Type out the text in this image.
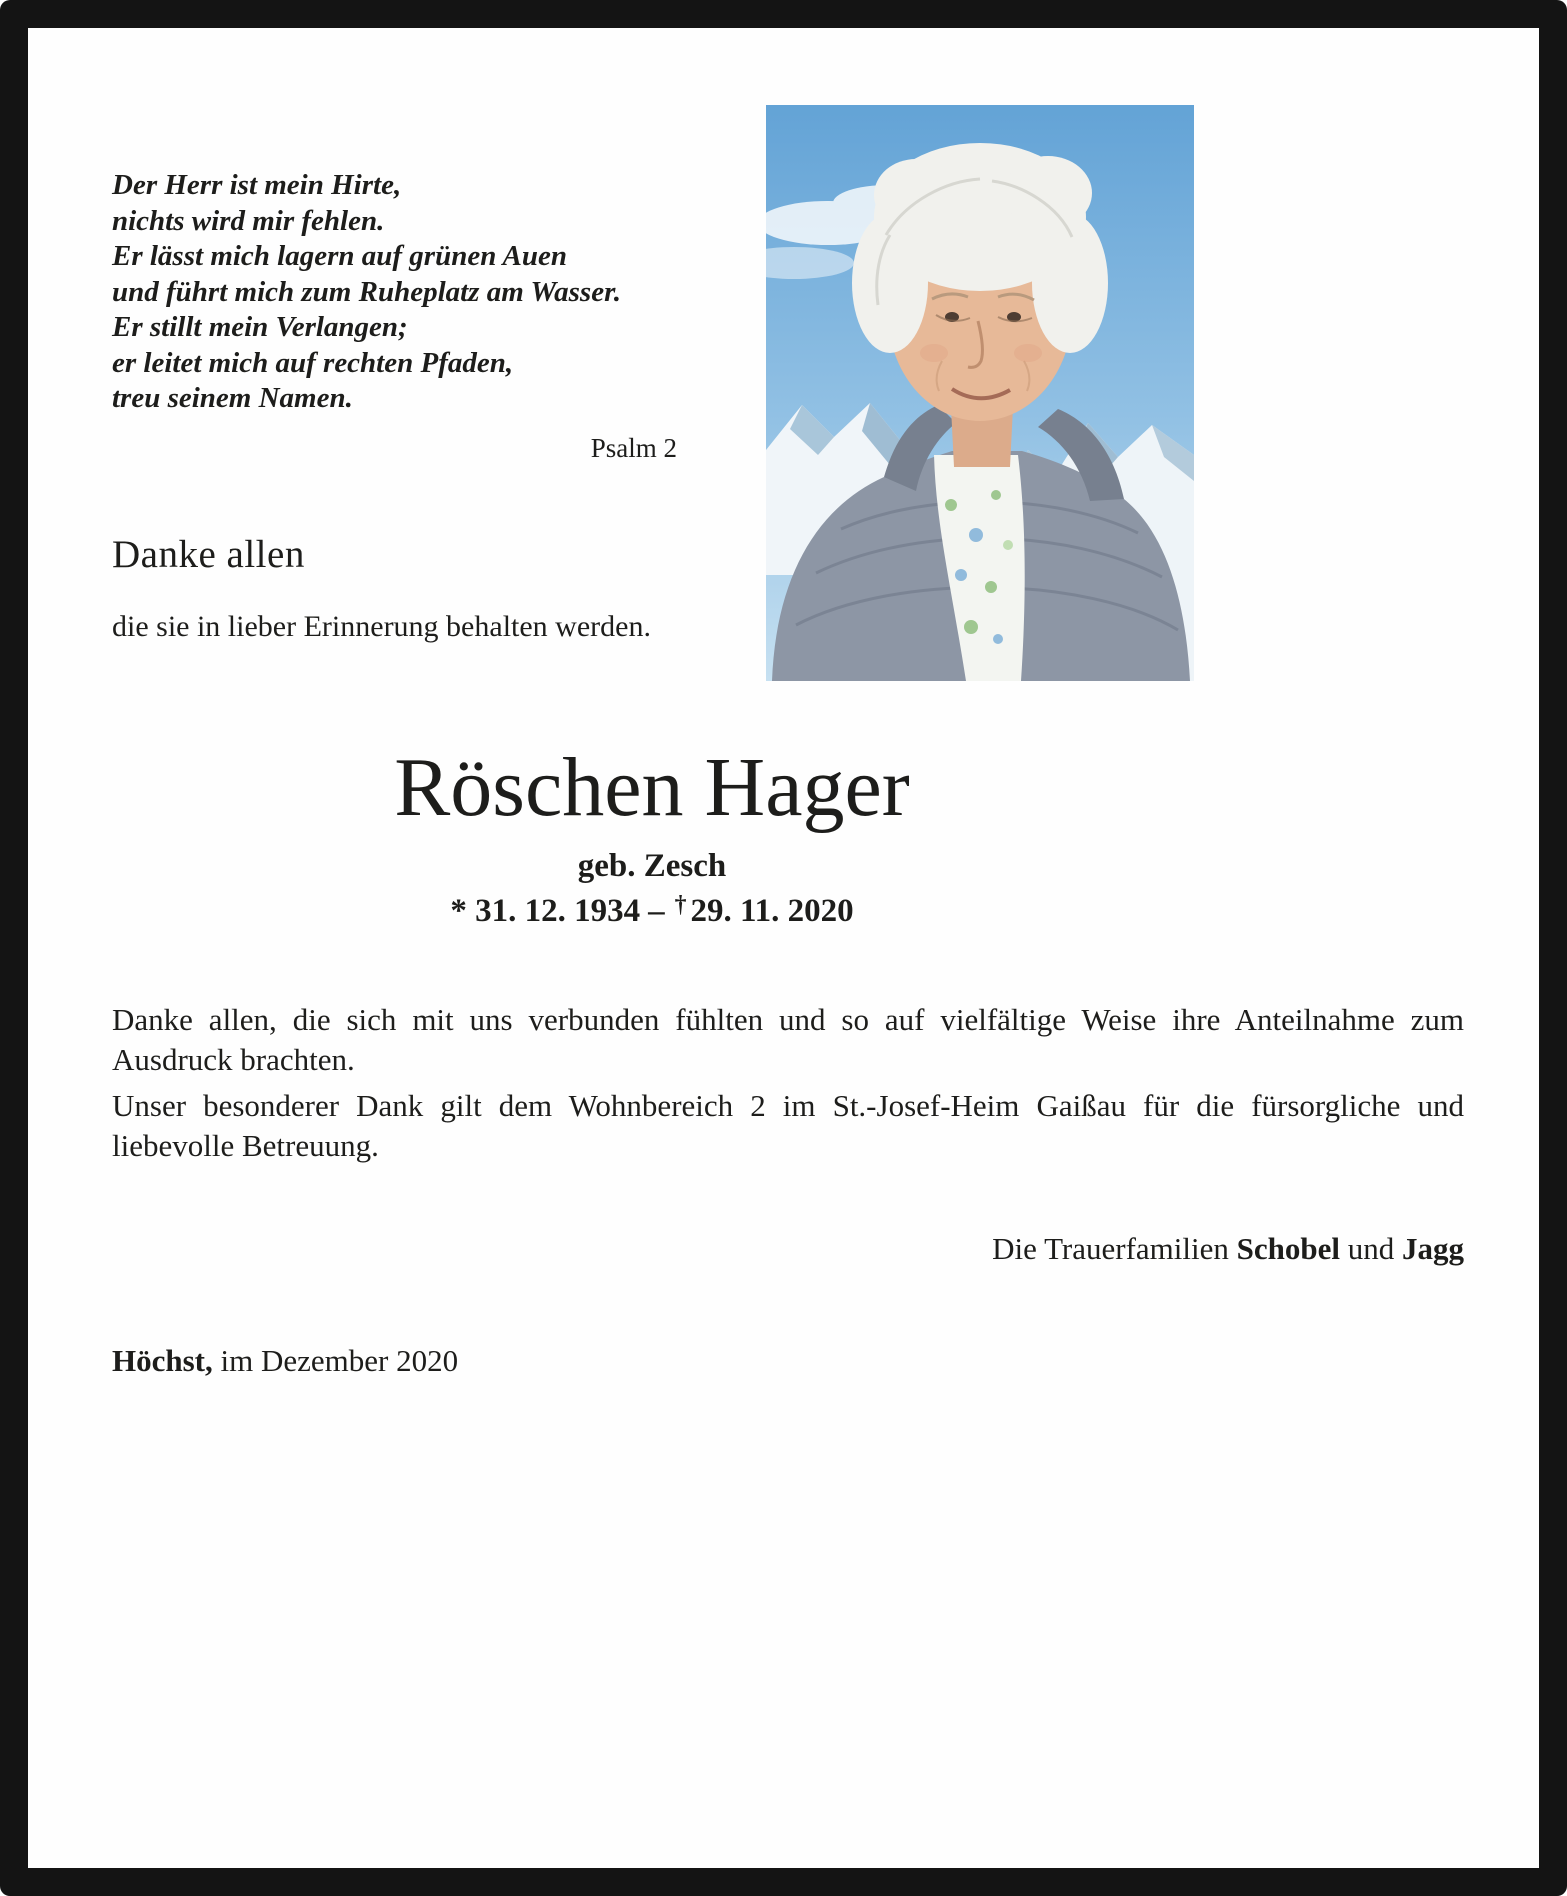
Der Herr ist mein Hirte,
nichts wird mir fehlen.
Er lässt mich lagern auf grünen Auen
und führt mich zum Ruheplatz am Wasser.
Er stillt mein Verlangen;
er leitet mich auf rechten Pfaden,
treu seinem Namen.
Psalm 2
Danke allen

die sie in lieber Erinnerung behalten werden.

Röschen Hager
geb. Zesch
* 31. 12. 1934 – † 29. 11. 2020

Danke allen, die sich mit uns verbunden fühlten und so auf vielfältige Weise ihre Anteilnahme zum Ausdruck brachten.

Unser besonderer Dank gilt dem Wohnbereich 2 im St.-Josef-Heim Gaißau für die fürsorgliche und liebevolle Betreuung.

Die Trauerfamilien Schobel und Jagg
Höchst, im Dezember 2020
